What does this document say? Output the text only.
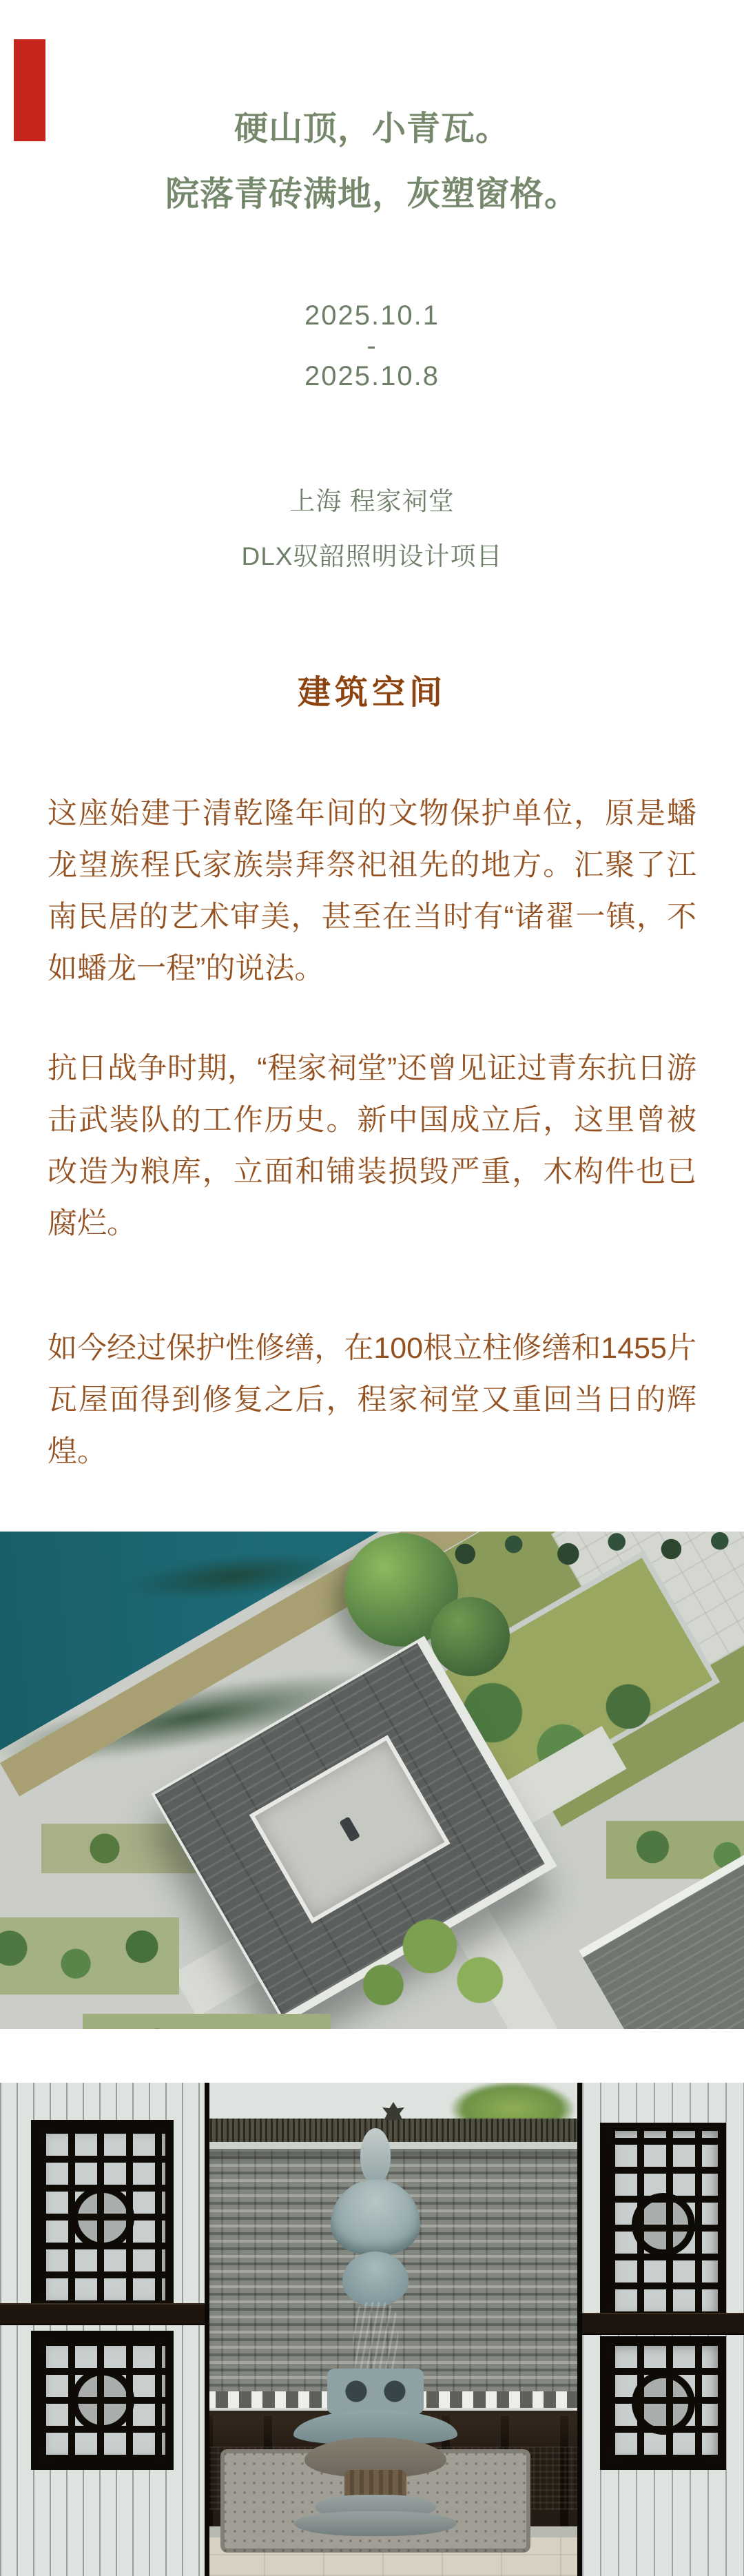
硬山顶，小青瓦。
院落青砖满地，灰塑窗格。
2025.10.1
-
2025.10.8
上海 程家祠堂
DLX驭韶照明设计项目
建筑空间

这座始建于清乾隆年间的文物保护单位，原是蟠龙望族程氏家族崇拜祭祀祖先的地方。汇聚了江南民居的艺术审美，甚至在当时有“诸翟一镇，不如蟠龙一程”的说法。

抗日战争时期，“程家祠堂”还曾见证过青东抗日游击武装队的工作历史。新中国成立后，这里曾被改造为粮库，立面和铺装损毁严重，木构件也已腐烂。

如今经过保护性修缮，在100根立柱修缮和1455片瓦屋面得到修复之后，程家祠堂又重回当日的辉煌。
